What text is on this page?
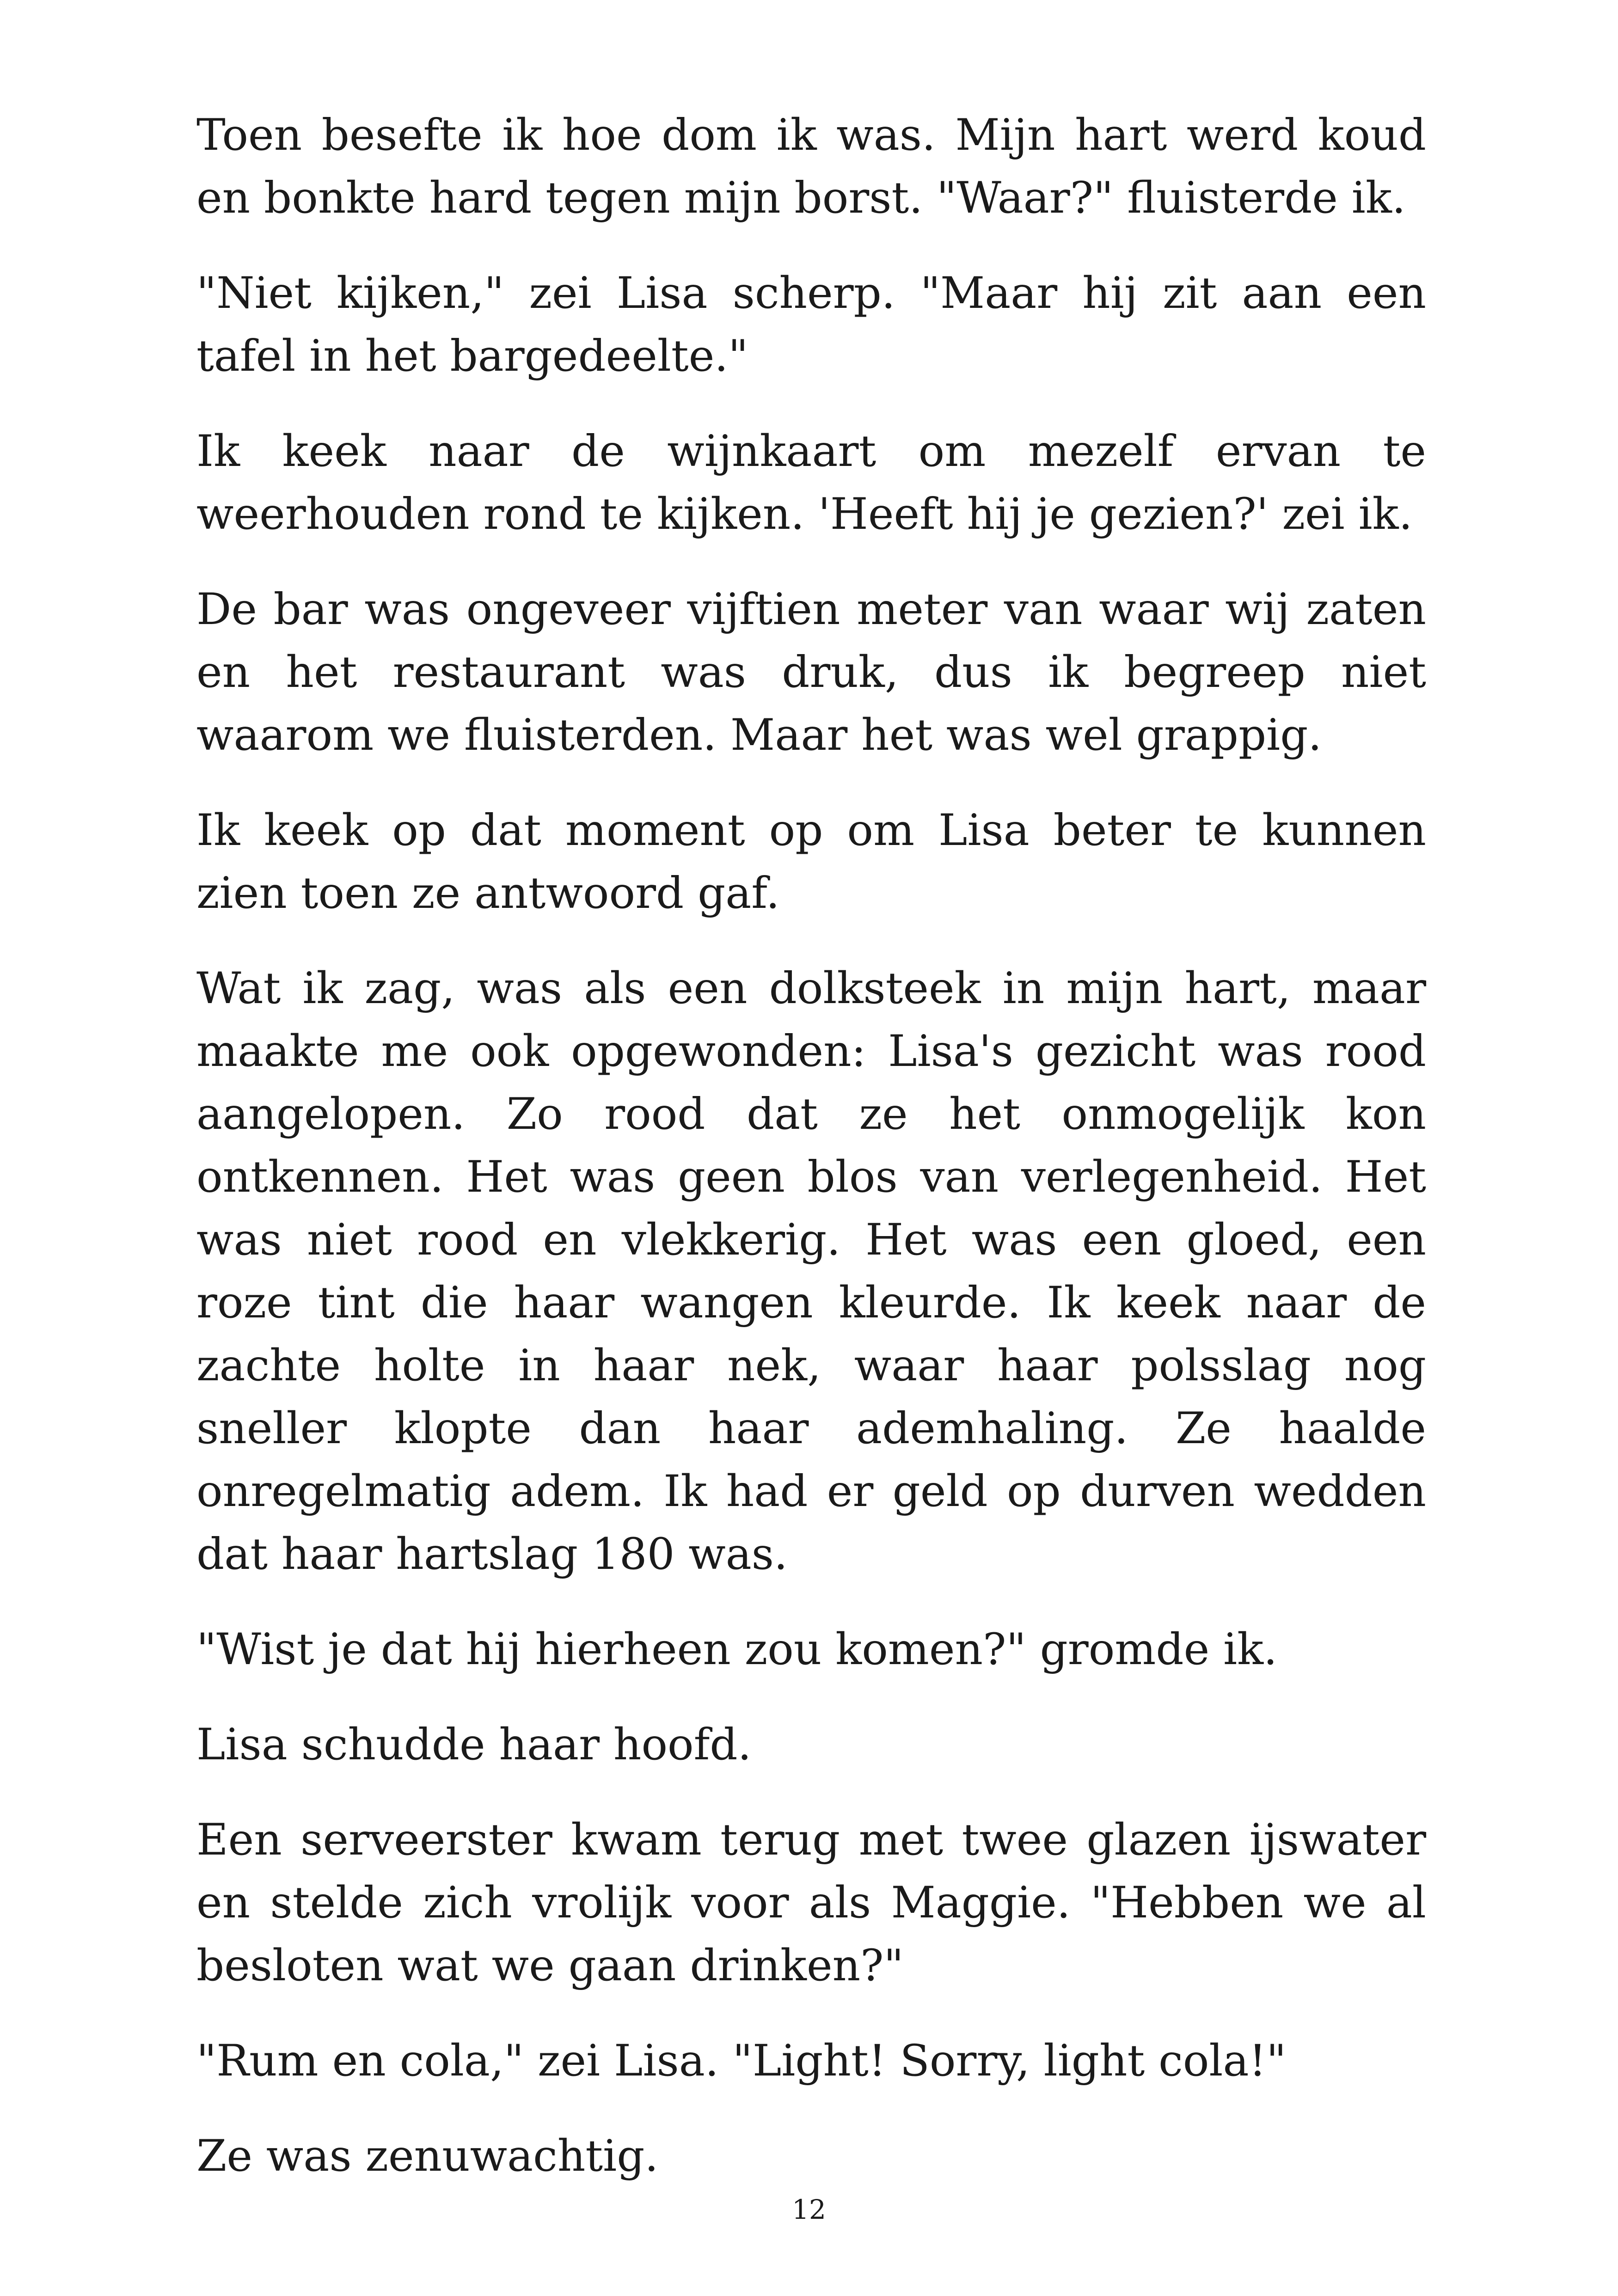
Toen besefte ik hoe dom ik was. Mijn hart werd koud en bonkte hard tegen mijn borst. "Waar?" fluisterde ik.

"Niet kijken," zei Lisa scherp. "Maar hij zit aan een tafel in het bargedeelte."

Ik keek naar de wijnkaart om mezelf ervan te weerhouden rond te kijken. 'Heeft hij je gezien?' zei ik.

De bar was ongeveer vijftien meter van waar wij zaten en het restaurant was druk, dus ik begreep niet waarom we fluisterden. Maar het was wel grappig.

Ik keek op dat moment op om Lisa beter te kunnen zien toen ze antwoord gaf.

Wat ik zag, was als een dolksteek in mijn hart, maar maakte me ook opgewonden: Lisa's gezicht was rood aangelopen. Zo rood dat ze het onmogelijk kon ontkennen. Het was geen blos van verlegenheid. Het was niet rood en vlekkerig. Het was een gloed, een roze tint die haar wangen kleurde. Ik keek naar de zachte holte in haar nek, waar haar polsslag nog sneller klopte dan haar ademhaling. Ze haalde onregelmatig adem. Ik had er geld op durven wedden dat haar hartslag 180 was.

"Wist je dat hij hierheen zou komen?" gromde ik.

Lisa schudde haar hoofd.

Een serveerster kwam terug met twee glazen ijswater en stelde zich vrolijk voor als Maggie. "Hebben we al besloten wat we gaan drinken?"

"Rum en cola," zei Lisa. "Light! Sorry, light cola!"

Ze was zenuwachtig.

12
